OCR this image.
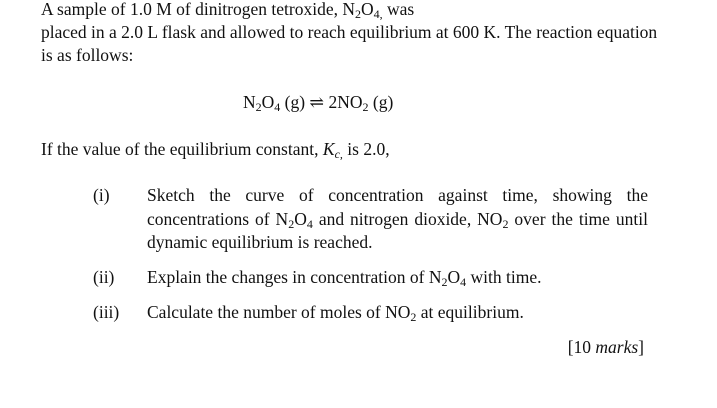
A sample of 1.0 M of dinitrogen tetroxide, $N_2O_{4,}$ was
placed in a 2.0 L flask and allowed to reach equilibrium at 600 K. The reaction equation
is as follows:
$N_2O_4$ (g) ⇌ $2NO_2$ (g)
If the value of the equilibrium constant, $K_{c,}$ is 2.0,
(i) Sketch the curve of concentration against time, showing the
concentrations of $N_2O_4$ and nitrogen dioxide, $NO_2$ over the time until
dynamic equilibrium is reached.
(ii) Explain the changes in concentration of $N_2O_4$ with time.
(iii) Calculate the number of moles of $NO_2$ at equilibrium.
[10 marks]
